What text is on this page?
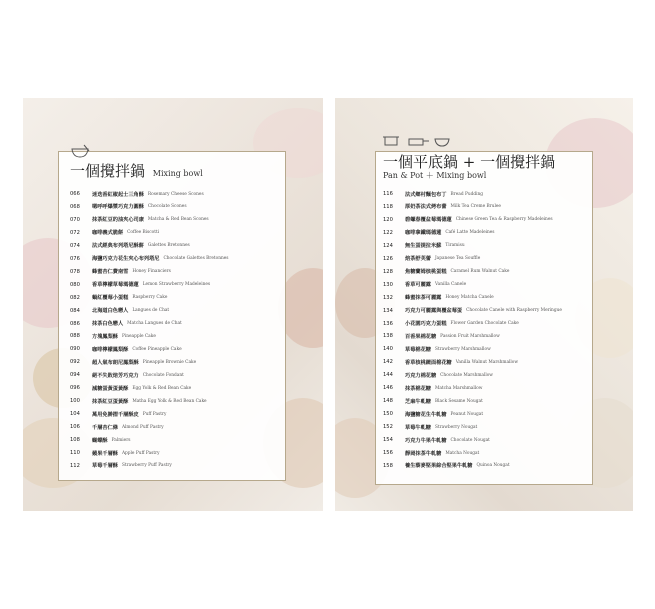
一個攪拌鍋 Mixing bowl
066	迷迭香紅椒起士三角酥 Rosemary Cheese Scones
068	嗯呼呼爆漿巧克力圓酥 Chocolate Scones
070	抹茶紅豆的油夾心司康 Matcha & Red Bean Scones
072	咖啡義式脆餅 Coffee Biscotti
074	法式經典布列塔尼酥餅 Galettes Bretonnes
076	海鹽巧克力花生夾心布列塔尼 Chocolate Galettes Bretonnes
078	蜂蜜杏仁費南雪 Honey Financiers
080	香草檸檬草莓瑪德蓮 Lemon Strawberry Madeleines
082	蝸紅覆莓小蛋糕 Raspberry Cake
084	北海道白色戀人 Langues de Chat
086	抹茶白色戀人 Matcha Langues de Chat
088	方塊鳳梨酥 Pineapple Cake
090	咖啡檸檬鳳梨酥 Coffee Pineapple Cake
092	超人氣布朗尼鳳梨酥 Pineapple Brownie Cake
094	絕不失敗焙芳巧克力 Chocolate Fondant
096	減糖蛋黃蛋黃酥 Egg Yolk & Red Bean Cake
100	抹茶紅豆蛋黃酥 Matha Egg Yolk & Red Bean Cake
104	萬用免擀摺千層酥皮 Puff Pastry
106	千層杏仁條 Almond Puff Pastry
108	蝴蝶酥 Palmiers
110	蘋果千層酥 Apple Puff Pastry
112	草莓千層酥 Strawberry Puff Pastry
一個平底鍋 + 一個攪拌鍋
Pan & Pot ＋ Mixing bowl
116	法式鄉村麵包布丁 Bread Pudding
118	厚奶茶法式烤布蕾 Milk Tea Creme Brulee
120	碧螺春覆盆莓瑪德蓮 Chinese Green Tea & Raspberry Madeleines
122	咖啡拿鐵瑪德蓮 Café Latte Madeleines
124	無生蛋提拉米蘇 Tiramisu
126	焙茶舒芙蕾 Japanese Tea Souffle
128	焦糖蘭姆核桃蛋糕 Caramel Rum Walnut Cake
130	香草可麗露 Vanilla Canele
132	蜂蜜抹茶可麗露 Honey Matcha Canele
134	巧克力可麗露與覆盆莓蛋 Chocolate Canele with Raspberry Meringue
136	小花園巧克力蛋糕 Flower Garden Chocolate Cake
138	百香果棉花糖 Passion Fruit Marshmallow
140	草莓棉花糖 Strawberry Marshmallow
142	香草核桃鏡面棉花糖 Vanilla Walnut Marshmallow
144	巧克力棉花糖 Chocolate Marshmallow
146	抹茶棉花糖 Matcha Marshmallow
148	芝麻牛軋糖 Black Sesame Nougat
150	海鹽糖花生牛軋糖 Peanut Nougat
152	草莓牛軋糖 Strawberry Nougat
154	巧克力牛果牛軋糖 Chocolate Nougat
156	靜岡抹茶牛軋糖 Matcha Nougat
158	養生藜麥堅果綜合堅果牛軋糖 Quinoa Nougat
